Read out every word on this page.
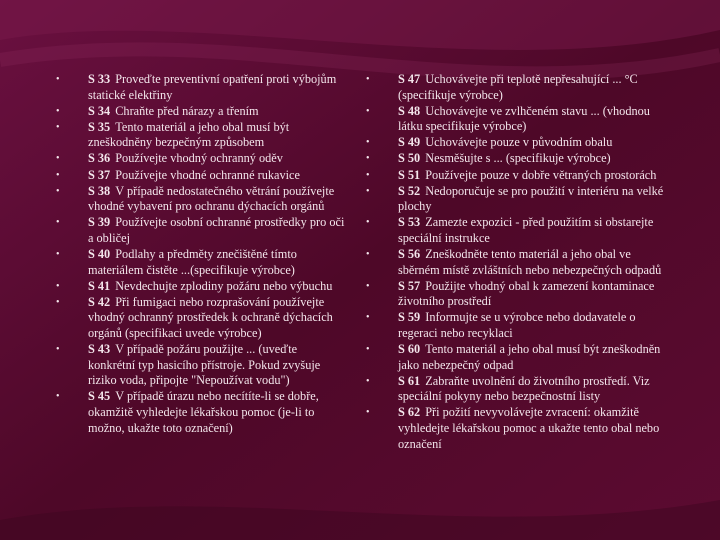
• S 33 Proveďte preventivní opatření proti výbojům statické elektřiny
• S 34 Chraňte před nárazy a třením
• S 35 Tento materiál a jeho obal musí být zneškodněny bezpečným způsobem
• S 36 Používejte vhodný ochranný oděv
• S 37 Používejte vhodné ochranné rukavice
• S 38 V případě nedostatečného větrání používejte vhodné vybavení pro ochranu dýchacích orgánů
• S 39 Používejte osobní ochranné prostředky pro oči a obličej
• S 40 Podlahy a předměty znečištěné tímto materiálem čistěte ...(specifikuje výrobce)
• S 41 Nevdechujte zplodiny požáru nebo výbuchu
• S 42 Při fumigaci nebo rozprašování používejte vhodný ochranný prostředek k ochraně dýchacích orgánů (specifikaci uvede výrobce)
• S 43 V případě požáru použijte ... (uveďte konkrétní typ hasicího přístroje. Pokud zvyšuje riziko voda, připojte "Nepoužívat vodu")
• S 45 V případě úrazu nebo necítíte-li se dobře, okamžitě vyhledejte lékařskou pomoc (je-li to možno, ukažte toto označení)
• S 47 Uchovávejte při teplotě nepřesahující ... °C (specifikuje výrobce)
• S 48 Uchovávejte ve zvlhčeném stavu ... (vhodnou látku specifikuje výrobce)
• S 49 Uchovávejte pouze v původním obalu
• S 50 Nesměšujte s ... (specifikuje výrobce)
• S 51 Používejte pouze v dobře větraných prostorách
• S 52 Nedoporučuje se pro použití v interiéru na velké plochy
• S 53 Zamezte expozici - před použitím si obstarejte speciální instrukce
• S 56 Zneškodněte tento materiál a jeho obal ve sběrném místě zvláštních nebo nebezpečných odpadů
• S 57 Použijte vhodný obal k zamezení kontaminace životního prostředí
• S 59 Informujte se u výrobce nebo dodavatele o regeraci nebo recyklaci
• S 60 Tento materiál a jeho obal musí být zneškodněn jako nebezpečný odpad
• S 61 Zabraňte uvolnění do životního prostředí. Viz speciální pokyny nebo bezpečnostní listy
• S 62 Při požití nevyvolávejte zvracení: okamžitě vyhledejte lékařskou pomoc a ukažte tento obal nebo označení
